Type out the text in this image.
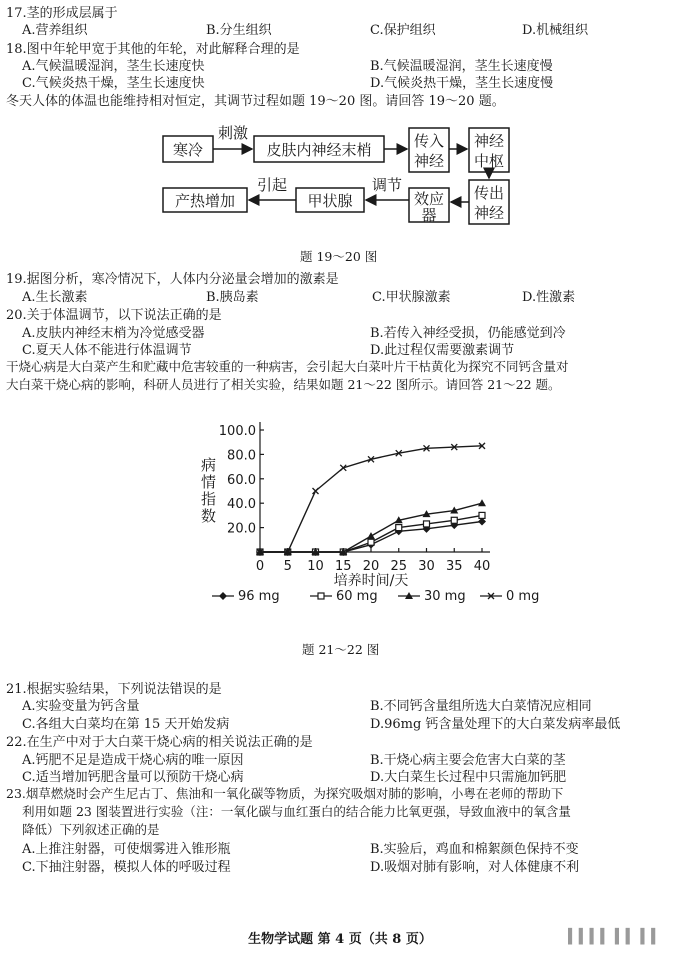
17.茎的形成层属于
A.营养组织	B.分生组织	C.保护组织	D.机械组织
18.图中年轮甲宽于其他的年轮，对此解释合理的是
A.气候温暖湿润，茎生长速度快	B.气候温暖湿润，茎生长速度慢
C.气候炎热干燥，茎生长速度快	D.气候炎热干燥，茎生长速度慢
冬天人体的体温也能维持相对恒定，其调节过程如题 19～20 图。请回答 19～20 题。
寒冷	皮肤内神经末梢	传入
神经
神经
中枢
传出
神经
效应
器
甲状腺
产热增加
刺激
调节
引起
题 19～20 图
19.据图分析，寒冷情况下，人体内分泌量会增加的激素是
A.生长激素	B.胰岛素	C.甲状腺激素	D.性激素
20.关于体温调节，以下说法正确的是
A.皮肤内神经末梢为冷觉感受器	B.若传入神经受损，仍能感觉到冷
C.夏天人体不能进行体温调节	D.此过程仅需要激素调节
干烧心病是大白菜产生和贮藏中危害较重的一种病害，会引起大白菜叶片干枯黄化为探究不同钙含量对
大白菜干烧心病的影响，科研人员进行了相关实验，结果如题 21～22 图所示。请回答 21～22 题。
20.0
40.0
60.0
80.0
100.0
0 5 10 15 20 25 30 35 40
培养时间/天
病情指数
96 mg	60 mg	30 mg	0 mg
题 21～22 图
21.根据实验结果，下列说法错误的是
A.实验变量为钙含量	B.不同钙含量组所选大白菜情况应相同
C.各组大白菜均在第 15 天开始发病	D.96mg 钙含量处理下的大白菜发病率最低
22.在生产中对于大白菜干烧心病的相关说法正确的是
A.钙肥不足是造成干烧心病的唯一原因	B.干烧心病主要会危害大白菜的茎
C.适当增加钙肥含量可以预防干烧心病	D.大白菜生长过程中只需施加钙肥
23.烟草燃烧时会产生尼古丁、焦油和一氧化碳等物质，为探究吸烟对肺的影响，小粤在老师的帮助下
利用如题 23 图装置进行实验（注：一氧化碳与血红蛋白的结合能力比氧更强，导致血液中的氧含量
降低）下列叙述正确的是
A.上推注射器，可使烟雾进入锥形瓶	B.实验后，鸡血和棉絮颜色保持不变
C.下抽注射器，模拟人体的呼吸过程	D.吸烟对肺有影响，对人体健康不利
生物学试题 第 4 页（共 8 页）	▍▍▍▍ ▍▍ ▍▍
